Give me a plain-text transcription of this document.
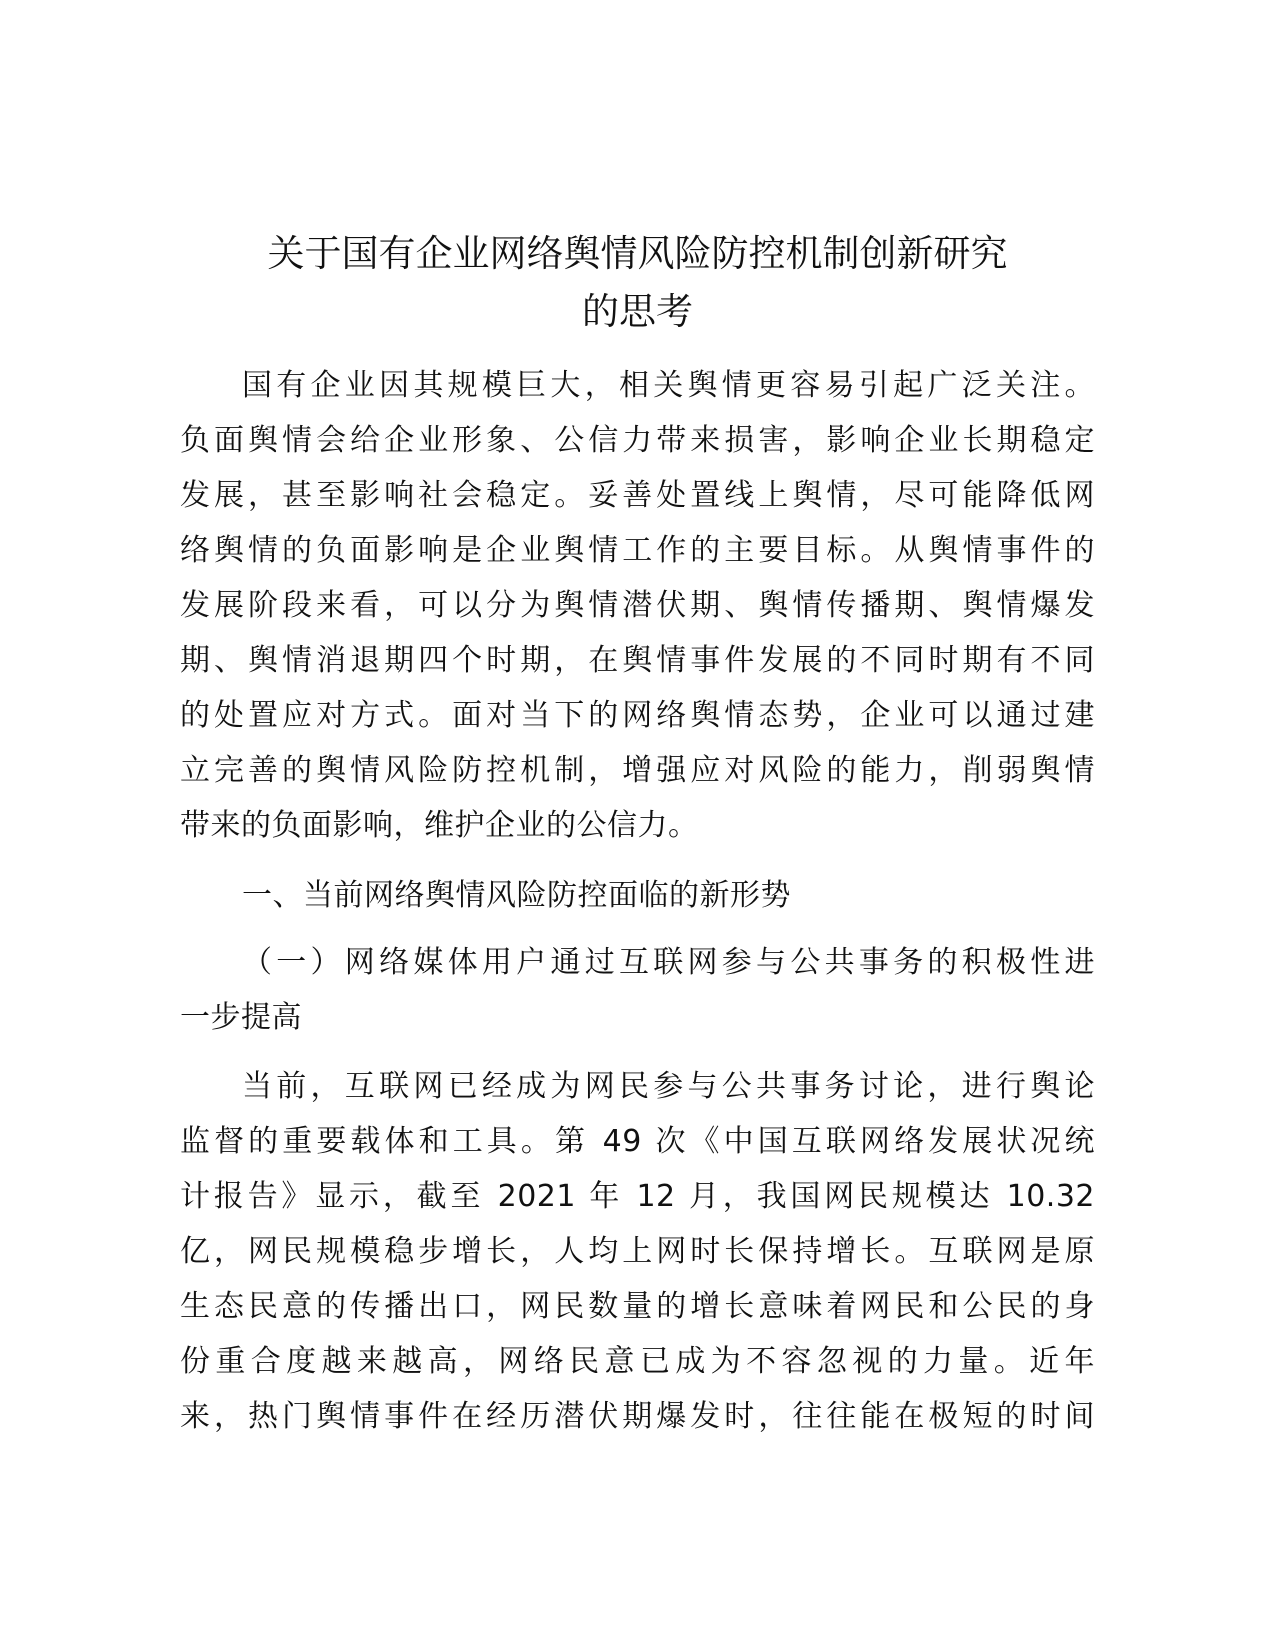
关于国有企业网络舆情风险防控机制创新研究
的思考
国有企业因其规模巨大，相关舆情更容易引起广泛关注。
负面舆情会给企业形象、公信力带来损害，影响企业长期稳定
发展，甚至影响社会稳定。妥善处置线上舆情，尽可能降低网
络舆情的负面影响是企业舆情工作的主要目标。从舆情事件的
发展阶段来看，可以分为舆情潜伏期、舆情传播期、舆情爆发
期、舆情消退期四个时期，在舆情事件发展的不同时期有不同
的处置应对方式。面对当下的网络舆情态势，企业可以通过建
立完善的舆情风险防控机制，增强应对风险的能力，削弱舆情
带来的负面影响，维护企业的公信力。
一、当前网络舆情风险防控面临的新形势
（一）网络媒体用户通过互联网参与公共事务的积极性进
一步提高
当前，互联网已经成为网民参与公共事务讨论，进行舆论
监督的重要载体和工具。第 49 次《中国互联网络发展状况统
计报告》显示，截至 2021 年 12 月，我国网民规模达 10.32
亿，网民规模稳步增长，人均上网时长保持增长。互联网是原
生态民意的传播出口，网民数量的增长意味着网民和公民的身
份重合度越来越高，网络民意已成为不容忽视的力量。近年
来，热门舆情事件在经历潜伏期爆发时，往往能在极短的时间
